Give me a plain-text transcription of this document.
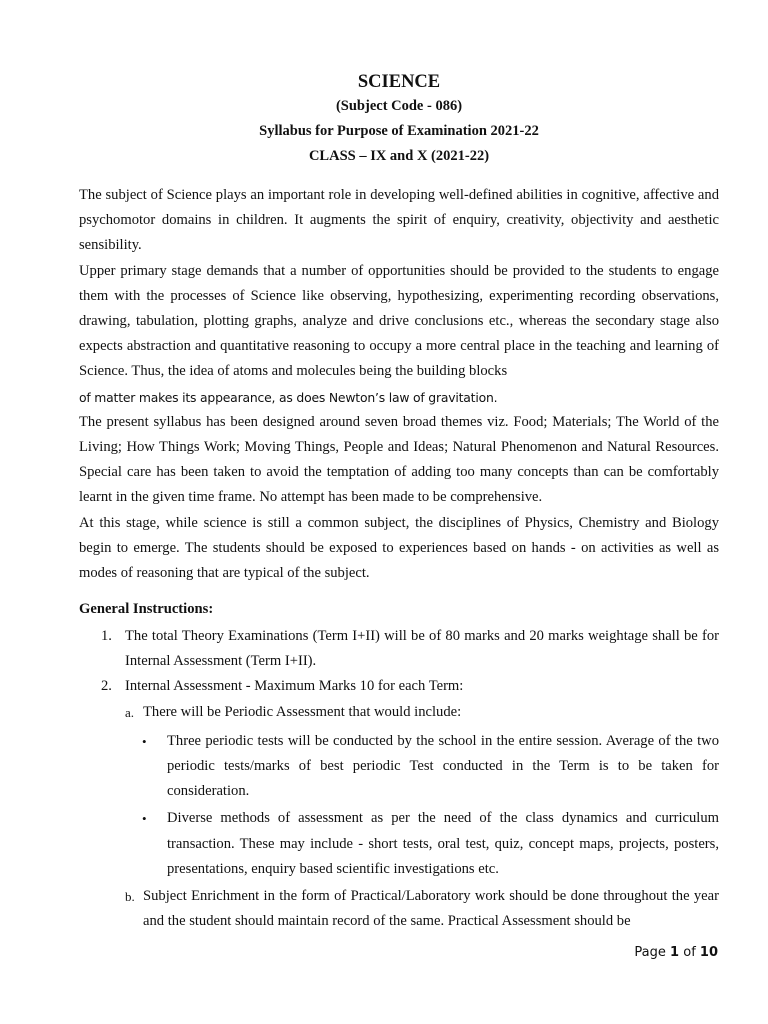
SCIENCE
(Subject Code - 086)
Syllabus for Purpose of Examination 2021-22
CLASS – IX and X (2021-22)

The subject of Science plays an important role in developing well-defined abilities in cognitive, affective and psychomotor domains in children. It augments the spirit of enquiry, creativity, objectivity and aesthetic sensibility.

Upper primary stage demands that a number of opportunities should be provided to the students to engage them with the processes of Science like observing, hypothesizing, experimenting recording observations, drawing, tabulation, plotting graphs, analyze and drive conclusions etc., whereas the secondary stage also expects abstraction and quantitative reasoning to occupy a more central place in the teaching and learning of Science. Thus, the idea of atoms and molecules being the building blocks

of matter makes its appearance, as does Newton’s law of gravitation.

The present syllabus has been designed around seven broad themes viz. Food; Materials; The World of the Living; How Things Work; Moving Things, People and Ideas; Natural Phenomenon and Natural Resources. Special care has been taken to avoid the temptation of adding too many concepts than can be comfortably learnt in the given time frame. No attempt has been made to be comprehensive.

At this stage, while science is still a common subject, the disciplines of Physics, Chemistry and Biology begin to emerge. The students should be exposed to experiences based on hands - on activities as well as modes of reasoning that are typical of the subject.

General Instructions:
1. The total Theory Examinations (Term I+II) will be of 80 marks and 20 marks weightage shall be for Internal Assessment (Term I+II).
2. Internal Assessment - Maximum Marks 10 for each Term:
a. There will be Periodic Assessment that would include:
• Three periodic tests will be conducted by the school in the entire session. Average of the two periodic tests/marks of best periodic Test conducted in the Term is to be taken for consideration.
• Diverse methods of assessment as per the need of the class dynamics and curriculum transaction. These may include - short tests, oral test, quiz, concept maps, projects, posters, presentations, enquiry based scientific investigations etc.
b. Subject Enrichment in the form of Practical/Laboratory work should be done throughout the year and the student should maintain record of the same. Practical Assessment should be
Page 1 of 10
